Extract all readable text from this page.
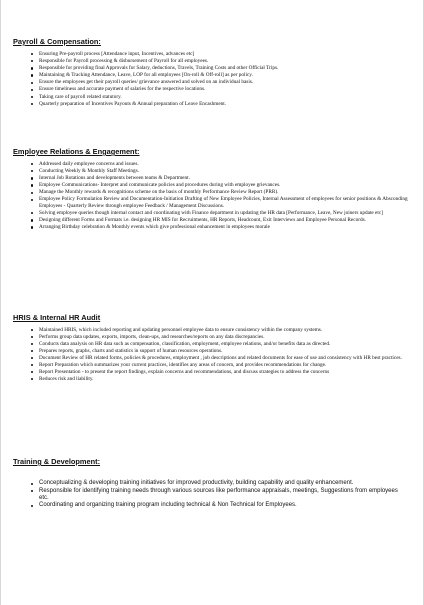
Payroll & Compensation:
Ensuring Pre-payroll process [Attendance input, Incentives, advances etc]
Responsible for Payroll processing & disbursement of Payroll for all employees.
Responsible for providing final Approvals for Salary, deductions, Travels, Training Costs and other Official Trips.
Maintaining & Tracking Attendance, Leave, LOP for all employees [On-roll & Off-roll] as per policy.
Ensure the employees get their payroll queries/ grievance answered and solved on an individual basis.
Ensure timeliness and accurate payment of salaries for the respective locations.
Taking care of payroll related statutory.
Quarterly preparation of Incentives Payouts & Annual preparation of Leave Encashment.
Employee Relations & Engagement:
Addressed daily employee concerns and issues.
Conducting Weekly & Monthly Staff Meetings.
Internal Job Rotations and developments between teams & Department.
Employee Communications- Interpret and communicate policies and procedures during with employee grievances.
Manage the Monthly rewards & recognitions scheme on the basis of monthly Performance Review Report (PRR).
Employee Policy Formulation Review and Documentation-Initiation Drafting of New Employee Policies, Internal Assessment of employees for senior positions & Absconding Employees - Quarterly Review through employee Feedback / Management Discussions.
Solving employee queries though internal contact and coordinating with Finance department in updating the HR data [Performance, Leave, New joiners update etc]
Designing different Forms and Formats i.e. designing HR MIS for Recruitments, HR Reports, Headcount, Exit Interviews and Employee Personal Records.
Arranging Birthday celebration & Monthly events which give professional enhancement in employees morale
HRIS & Internal HR Audit
Maintained HRIS, which included reporting and updating personnel employee data to ensure consistency within the company systems.
Performs group data updates, exports, imports, clean-ups, and researches/reports on any data discrepancies.
Conducts data analysis on HR data such as compensation, classification, employment, employee relations, and/or benefits data as directed.
Prepares reports, graphs, charts and statistics in support of human resources operations.
Document Review of HR related forms, policies & procedures, employment , job descriptions and related documents for ease of use and consistency with HR best practices.
Report Preparation which summarizes your current practices, identifies any areas of concern, and provides recommendations for change.
Report Presentation - to present the report findings, explain concerns and recommendations, and discuss strategies to address the concerns
Reduces risk and liability.
Training & Development:
Conceptualizing & developing training initiatives for improved productivity, building capability and quality enhancement.
Responsible for identifying training needs through various sources like performance appraisals, meetings, Suggestions from employees etc.
Coordinating and organizing training program including technical & Non Technical for Employees.
